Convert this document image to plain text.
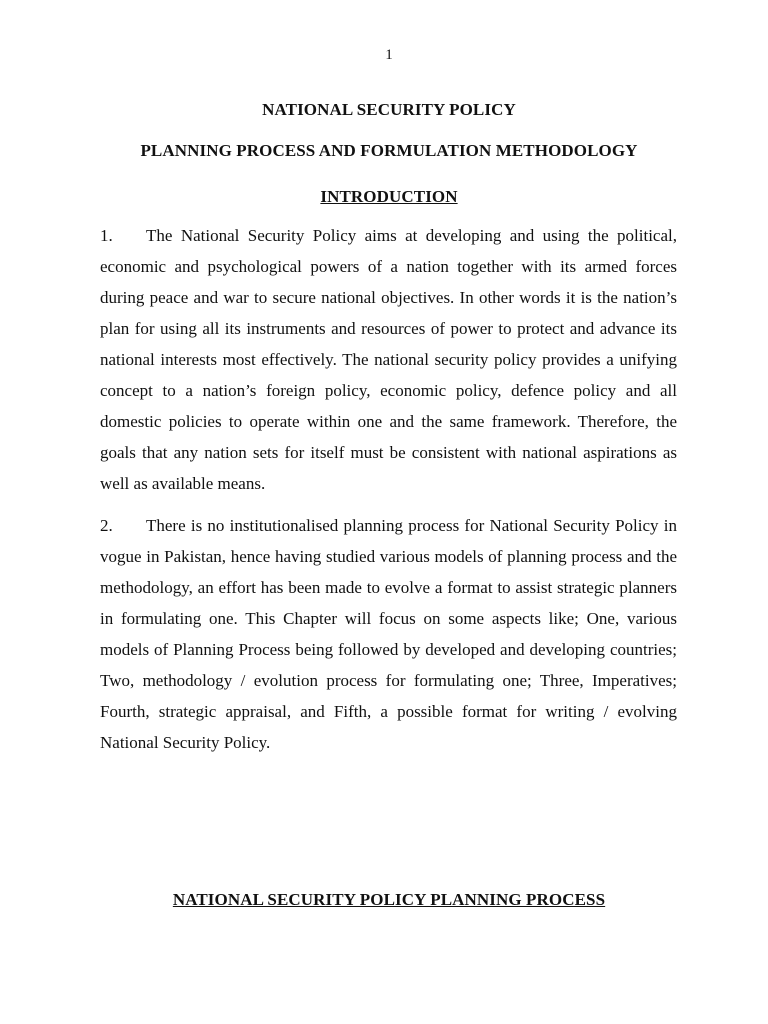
1
NATIONAL SECURITY POLICY
PLANNING PROCESS AND FORMULATION METHODOLOGY
INTRODUCTION
1. The National Security Policy aims at developing and using the political, economic and psychological powers of a nation together with its armed forces during peace and war to secure national objectives. In other words it is the nation’s plan for using all its instruments and resources of power to protect and advance its national interests most effectively. The national security policy provides a unifying concept to a nation’s foreign policy, economic policy, defence policy and all domestic policies to operate within one and the same framework. Therefore, the goals that any nation sets for itself must be consistent with national aspirations as well as available means.
2. There is no institutionalised planning process for National Security Policy in vogue in Pakistan, hence having studied various models of planning process and the methodology, an effort has been made to evolve a format to assist strategic planners in formulating one. This Chapter will focus on some aspects like; One, various models of Planning Process being followed by developed and developing countries; Two, methodology / evolution process for formulating one; Three, Imperatives; Fourth, strategic appraisal, and Fifth, a possible format for writing / evolving National Security Policy.
NATIONAL SECURITY POLICY PLANNING PROCESS
